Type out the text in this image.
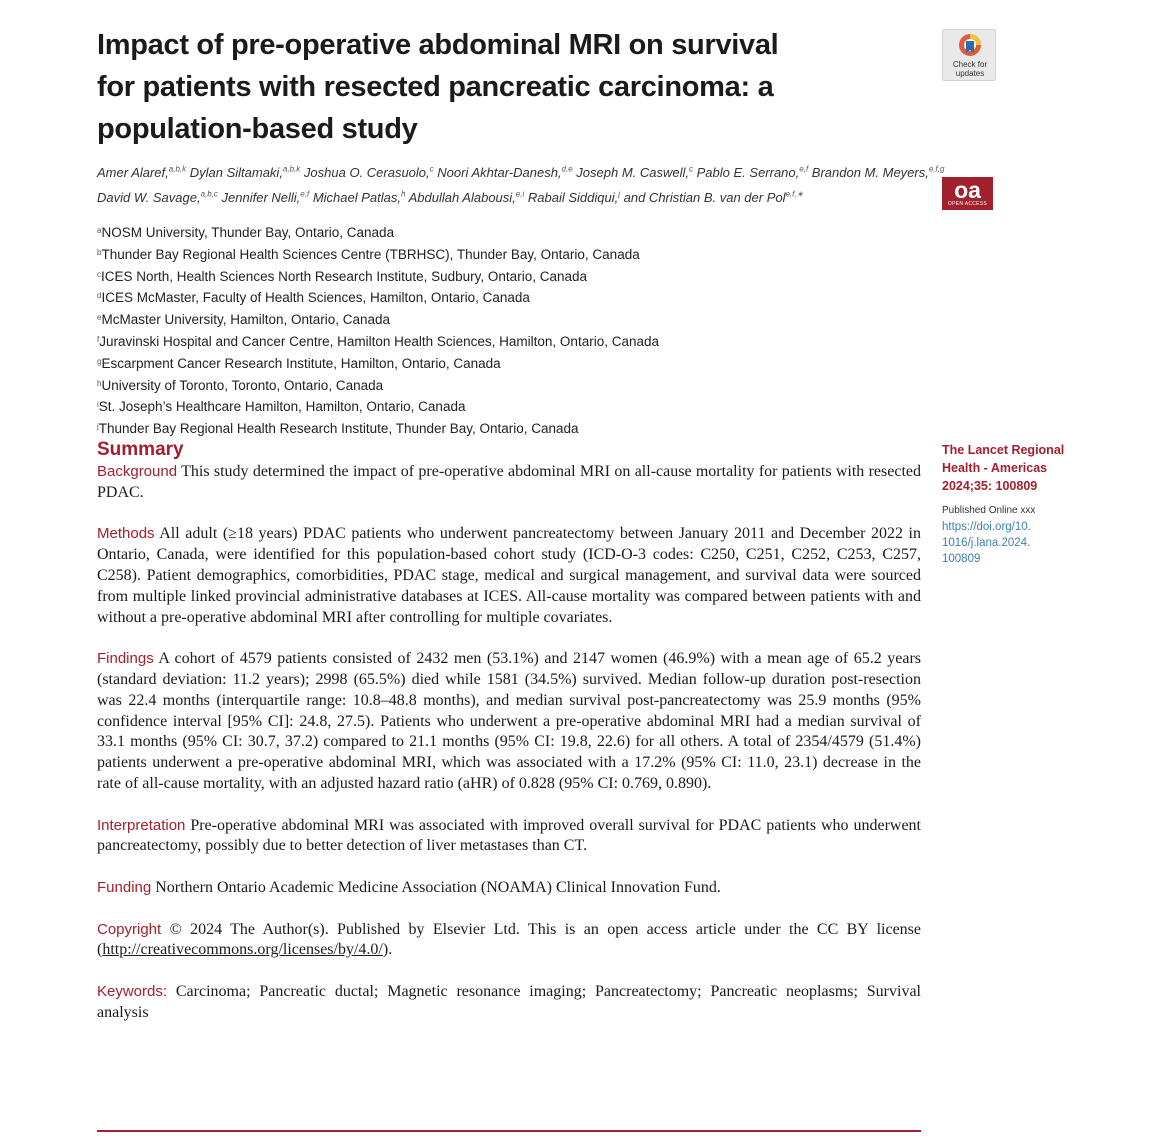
Impact of pre-operative abdominal MRI on survival
for patients with resected pancreatic carcinoma: a
population-based study
Check for updates
oa
OPEN ACCESS
Amer Alaref,$^{a,b,k}$ Dylan Siltamaki,$^{a,b,k}$ Joshua O. Cerasuolo,$^c$ Noori Akhtar-Danesh,$^{d,e}$ Joseph M. Caswell,$^c$ Pablo E. Serrano,$^{e,f}$ Brandon M. Meyers,$^{e,f,g}$
David W. Savage,$^{a,b,c}$ Jennifer Nelli,$^{e,f}$ Michael Patlas,$^h$ Abdullah Alabousi,$^{e,i}$ Rabail Siddiqui,$^j$ and Christian B. van der Pol$^{e,f,∗}$
$^a$NOSM University, Thunder Bay, Ontario, Canada
$^b$Thunder Bay Regional Health Sciences Centre (TBRHSC), Thunder Bay, Ontario, Canada
$^c$ICES North, Health Sciences North Research Institute, Sudbury, Ontario, Canada
$^d$ICES McMaster, Faculty of Health Sciences, Hamilton, Ontario, Canada
$^e$McMaster University, Hamilton, Ontario, Canada
$^f$Juravinski Hospital and Cancer Centre, Hamilton Health Sciences, Hamilton, Ontario, Canada
$^g$Escarpment Cancer Research Institute, Hamilton, Ontario, Canada
$^h$University of Toronto, Toronto, Ontario, Canada
$^i$St. Joseph’s Healthcare Hamilton, Hamilton, Ontario, Canada
$^j$Thunder Bay Regional Health Research Institute, Thunder Bay, Ontario, Canada
Summary

Background This study determined the impact of pre-operative abdominal MRI on all-cause mortality for patients with resected PDAC.

Methods All adult (≥18 years) PDAC patients who underwent pancreatectomy between January 2011 and December 2022 in Ontario, Canada, were identified for this population-based cohort study (ICD-O-3 codes: C250, C251, C252, C253, C257, C258). Patient demographics, comorbidities, PDAC stage, medical and surgical management, and survival data were sourced from multiple linked provincial administrative databases at ICES. All-cause mortality was compared between patients with and without a pre-operative abdominal MRI after controlling for multiple covariates.

Findings A cohort of 4579 patients consisted of 2432 men (53.1%) and 2147 women (46.9%) with a mean age of 65.2 years (standard deviation: 11.2 years); 2998 (65.5%) died while 1581 (34.5%) survived. Median follow-up duration post-resection was 22.4 months (interquartile range: 10.8–48.8 months), and median survival post-pancreatectomy was 25.9 months (95% confidence interval [95% CI]: 24.8, 27.5). Patients who underwent a pre-operative abdominal MRI had a median survival of 33.1 months (95% CI: 30.7, 37.2) compared to 21.1 months (95% CI: 19.8, 22.6) for all others. A total of 2354/4579 (51.4%) patients underwent a pre-operative abdominal MRI, which was associated with a 17.2% (95% CI: 11.0, 23.1) decrease in the rate of all-cause mortality, with an adjusted hazard ratio (aHR) of 0.828 (95% CI: 0.769, 0.890).

Interpretation Pre-operative abdominal MRI was associated with improved overall survival for PDAC patients who underwent pancreatectomy, possibly due to better detection of liver metastases than CT.

Funding Northern Ontario Academic Medicine Association (NOAMA) Clinical Innovation Fund.

Copyright © 2024 The Author(s). Published by Elsevier Ltd. This is an open access article under the CC BY license (http://creativecommons.org/licenses/by/4.0/).

Keywords: Carcinoma; Pancreatic ductal; Magnetic resonance imaging; Pancreatectomy; Pancreatic neoplasms; Survival analysis

The Lancet Regional
Health - Americas
2024;35: 100809
Published Online xxx
https://doi.org/10.
1016/j.lana.2024.
100809
